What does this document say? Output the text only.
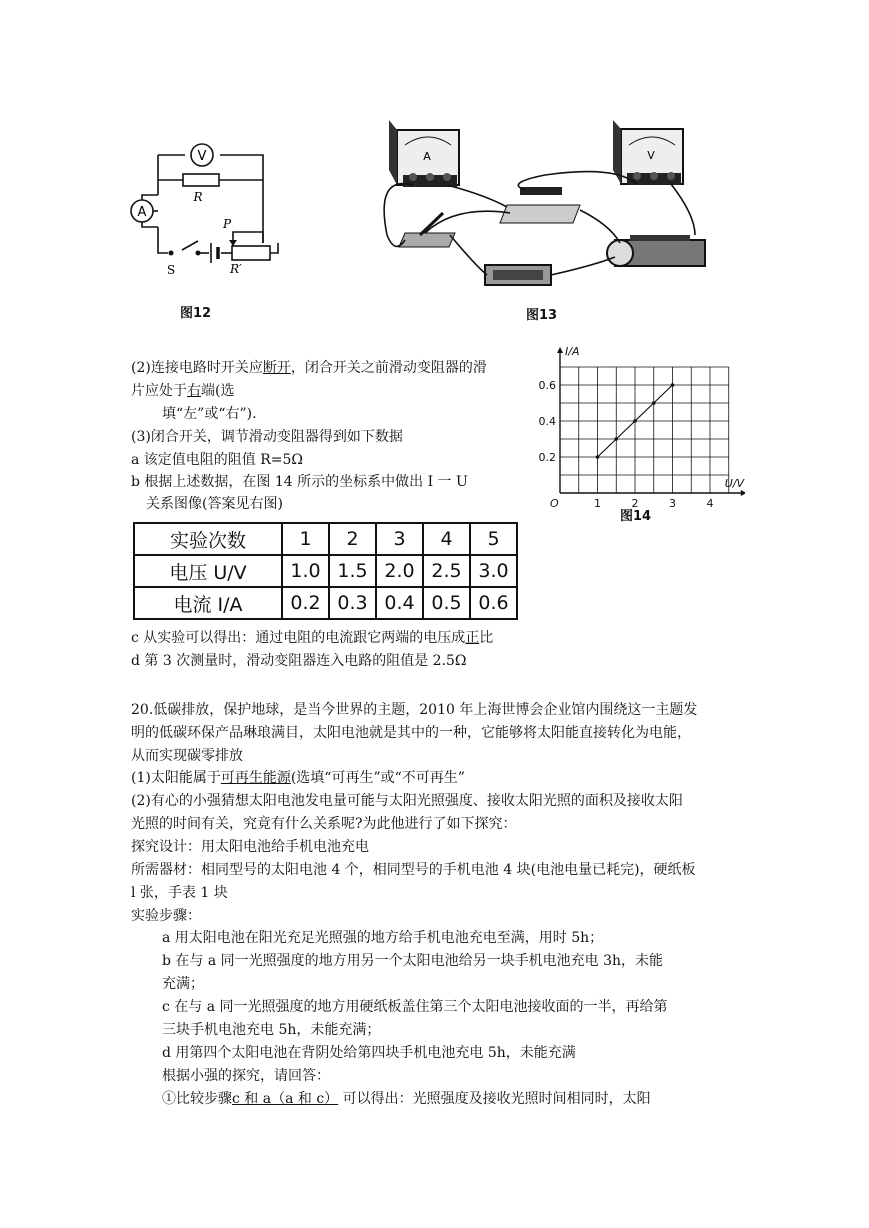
V
A
R
P
S	R′
图12
A	V
图13
(2)连接电路时开关应断开，闭合开关之前滑动变阻器的滑
片应处于右端(选
填“左”或“右”).
(3)闭合开关，调节滑动变阻器得到如下数据
a 该定值电阻的阻值 R=5Ω
b 根据上述数据，在图 14 所示的坐标系中做出 I 一 U
关系图像(答案见右图)
实验次数	1	2	3	4	5
电压 U/V	1.0	1.5	2.0	2.5	3.0
电流 I/A	0.2	0.3	0.4	0.5	0.6
c 从实验可以得出：通过电阻的电流跟它两端的电压成正比
d 第 3 次测量时，滑动变阻器连入电路的阻值是 2.5Ω
1	2	3	4
0.2
0.4
0.6
O
I/A
U/V
图14
20.低碳排放，保护地球，是当今世界的主题，2010 年上海世博会企业馆内围绕这一主题发
明的低碳环保产品琳琅满目，太阳电池就是其中的一种，它能够将太阳能直接转化为电能，
从而实现碳零排放
(1)太阳能属于可再生能源(选填“可再生”或“不可再生”
(2)有心的小强猜想太阳电池发电量可能与太阳光照强度、接收太阳光照的面积及接收太阳
光照的时间有关，究竟有什么关系呢?为此他进行了如下探究：
探究设计：用太阳电池给手机电池充电
所需器材：相同型号的太阳电池 4 个，相同型号的手机电池 4 块(电池电量已耗完)，硬纸板
l 张，手表 1 块
实验步骤：
a 用太阳电池在阳光充足光照强的地方给手机电池充电至满，用时 5h；
b 在与 a 同一光照强度的地方用另一个太阳电池给另一块手机电池充电 3h，未能
充满；
c 在与 a 同一光照强度的地方用硬纸板盖住第三个太阳电池接收面的一半，再给第
三块手机电池充电 5h，未能充满；
d 用第四个太阳电池在背阴处给第四块手机电池充电 5h，未能充满
根据小强的探究，请回答：
①比较步骤c 和 a（a 和 c） 可以得出：光照强度及接收光照时间相同时，太阳
